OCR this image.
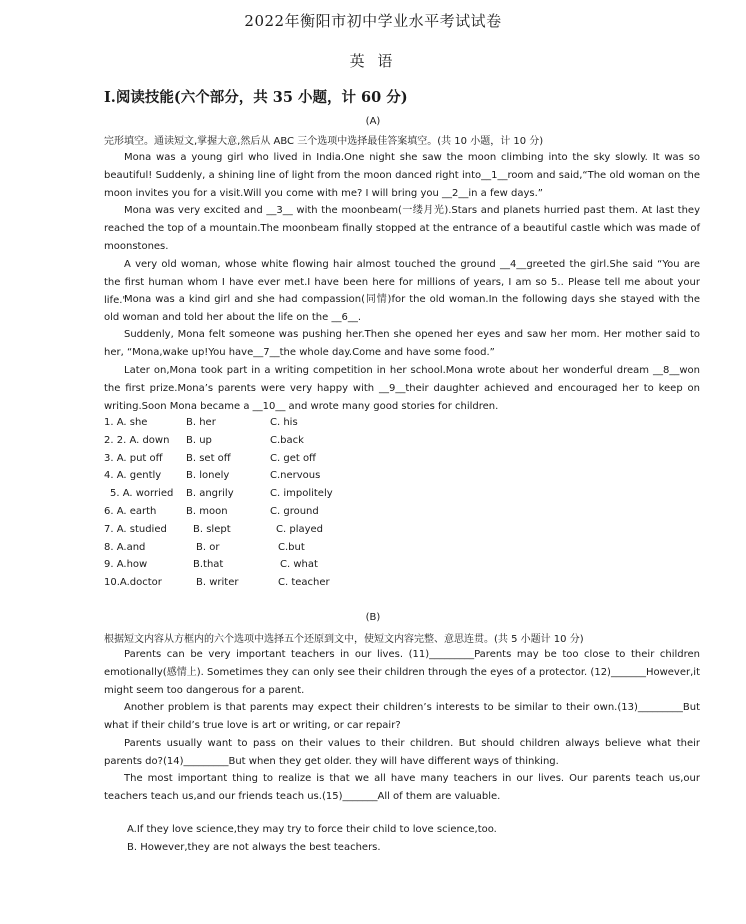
2022年衡阳市初中学业水平考试试卷
英 语
I.阅读技能(六个部分，共 35 小题，计 60 分)
(A)
完形填空。通读短文,掌握大意,然后从 ABC 三个选项中选择最佳答案填空。(共 10 小题，计 10 分)

Mona was a young girl who lived in India.One night she saw the moon climbing into the sky slowly. It was so beautiful! Suddenly, a shining line of light from the moon danced right into__1__room and said,“The old woman on the moon invites you for a visit.Will you come with me? I will bring you __2__in a few days.”

Mona was very excited and __3__ with the moonbeam(一缕月光).Stars and planets hurried past them. At last they reached the top of a mountain.The moonbeam finally stopped at the entrance of a beautiful castle which was made of moonstones.

A very old woman, whose white flowing hair almost touched the ground __4__greeted the girl.She said “You are the first human whom I have ever met.I have been here for millions of years, I am so 5.. Please tell me about your life."

Mona was a kind girl and she had compassion(同情)for the old woman.In the following days she stayed with the old woman and told her about the life on the __6__.

Suddenly, Mona felt someone was pushing her.Then she opened her eyes and saw her mom. Her mother said to her, “Mona,wake up!You have__7__the whole day.Come and have some food.”

Later on,Mona took part in a writing competition in her school.Mona wrote about her wonderful dream __8__won the first prize.Mona’s parents were very happy with __9__their daughter achieved and encouraged her to keep on writing.Soon Mona became a __10__ and wrote many good stories for children.

1. A. she	B. her	C. his
2. 2. A. down B. up	C.back
3. A. put off B. set off	C. get off
4. A. gently B. lonely	C.nervous
5. A. worried B. angrily	C. impolitely
6. A. earth	B. moon	C. ground
7. A. studied	B. slept	C. played
8. A.and	B. or	C.but
9. A.how	B.that	C. what
10.A.doctor	B. writer	C. teacher
(B)
根据短文内容从方框内的六个选项中选择五个还原到文中，使短文内容完整、意思连贯。(共 5 小题计 10 分)

Parents can be very important teachers in our lives. (11)_________Parents may be too close to their children emotionally(感情上). Sometimes they can only see their children through the eyes of a protector. (12)_______However,it might seem too dangerous for a parent.

Another problem is that parents may expect their children’s interests to be similar to their own.(13)_________But what if their child’s true love is art or writing, or car repair?

Parents usually want to pass on their values to their children. But should children always believe what their parents do?(14)_________But when they get older. they will have different ways of thinking.

The most important thing to realize is that we all have many teachers in our lives. Our parents teach us,our teachers teach us,and our friends teach us.(15)_______All of them are valuable.

A.If they love science,they may try to force their child to love science,too.
B. However,they are not always the best teachers.
